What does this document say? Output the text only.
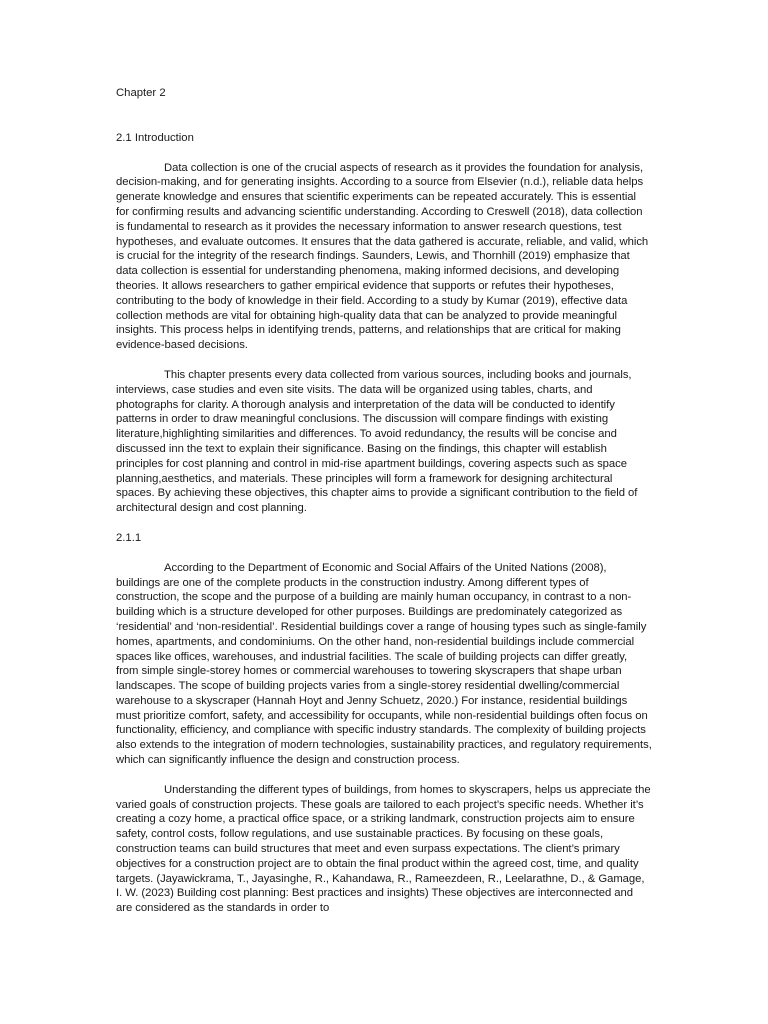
Chapter 2

2.1 Introduction

Data collection is one of the crucial aspects of research as it provides the foundation for analysis, decision-making, and for generating insights. According to a source from Elsevier (n.d.), reliable data helps generate knowledge and ensures that scientific experiments can be repeated accurately. This is essential for confirming results and advancing scientific understanding. According to Creswell (2018), data collection is fundamental to research as it provides the necessary information to answer research questions, test hypotheses, and evaluate outcomes. It ensures that the data gathered is accurate, reliable, and valid, which is crucial for the integrity of the research findings. Saunders, Lewis, and Thornhill (2019) emphasize that data collection is essential for understanding phenomena, making informed decisions, and developing theories. It allows researchers to gather empirical evidence that supports or refutes their hypotheses, contributing to the body of knowledge in their field. According to a study by Kumar (2019), effective data collection methods are vital for obtaining high-quality data that can be analyzed to provide meaningful insights. This process helps in identifying trends, patterns, and relationships that are critical for making evidence-based decisions.

This chapter presents every data collected from various sources, including books and journals, interviews, case studies and even site visits. The data will be organized using tables, charts, and photographs for clarity. A thorough analysis and interpretation of the data will be conducted to identify patterns in order to draw meaningful conclusions. The discussion will compare findings with existing literature,highlighting similarities and differences. To avoid redundancy, the results will be concise and discussed inn the text to explain their significance. Basing on the findings, this chapter will establish principles for cost planning and control in mid-rise apartment buildings, covering aspects such as space planning,aesthetics, and materials. These principles will form a framework for designing architectural spaces. By achieving these objectives, this chapter aims to provide a significant contribution to the field of architectural design and cost planning.

2.1.1

According to the Department of Economic and Social Affairs of the United Nations (2008), buildings are one of the complete products in the construction industry. Among different types of construction, the scope and the purpose of a building are mainly human occupancy, in contrast to a non-building which is a structure developed for other purposes. Buildings are predominately categorized as ‘residential’ and ‘non-residential’. Residential buildings cover a range of housing types such as single-family homes, apartments, and condominiums. On the other hand, non-residential buildings include commercial spaces like offices, warehouses, and industrial facilities. The scale of building projects can differ greatly, from simple single-storey homes or commercial warehouses to towering skyscrapers that shape urban landscapes. The scope of building projects varies from a single-storey residential dwelling/commercial warehouse to a skyscraper (Hannah Hoyt and Jenny Schuetz, 2020.) For instance, residential buildings must prioritize comfort, safety, and accessibility for occupants, while non-residential buildings often focus on functionality, efficiency, and compliance with specific industry standards. The complexity of building projects also extends to the integration of modern technologies, sustainability practices, and regulatory requirements, which can significantly influence the design and construction process.

Understanding the different types of buildings, from homes to skyscrapers, helps us appreciate the varied goals of construction projects. These goals are tailored to each project’s specific needs. Whether it’s creating a cozy home, a practical office space, or a striking landmark, construction projects aim to ensure safety, control costs, follow regulations, and use sustainable practices. By focusing on these goals, construction teams can build structures that meet and even surpass expectations. The client’s primary objectives for a construction project are to obtain the final product within the agreed cost, time, and quality targets. (Jayawickrama, T., Jayasinghe, R., Kahandawa, R., Rameezdeen, R., Leelarathne, D., & Gamage, I. W. (2023) Building cost planning: Best practices and insights) These objectives are interconnected and are considered as the standards in order to
